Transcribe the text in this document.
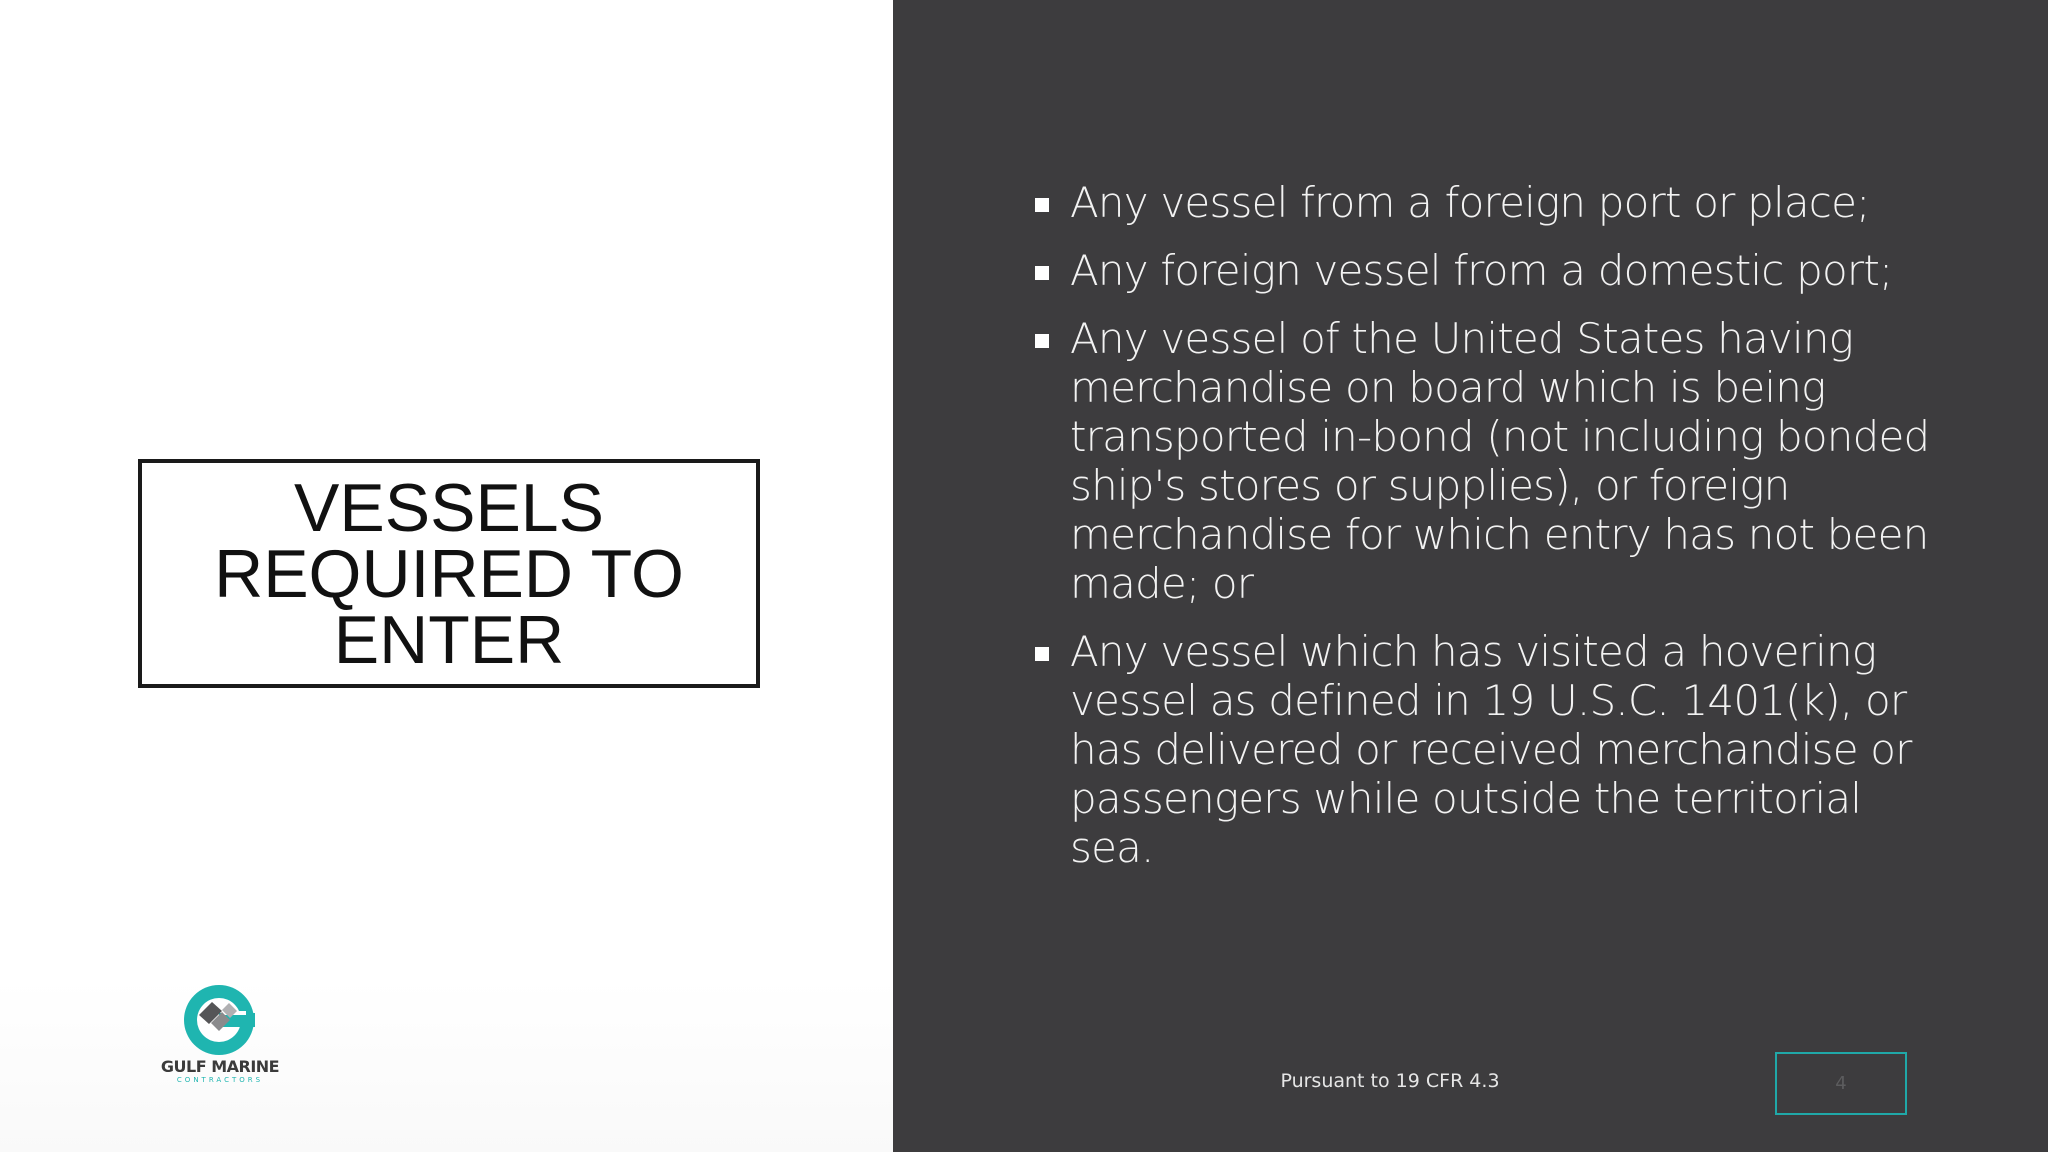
VESSELS REQUIRED TO ENTER
GULF MARINE
CONTRACTORS
Any vessel from a foreign port or place;
Any foreign vessel from a domestic port;
Any vessel of the United States having merchandise on board which is being transported in-bond (not including bonded ship's stores or supplies), or foreign merchandise for which entry has not been made; or
Any vessel which has visited a hovering vessel as defined in 19 U.S.C. 1401(k), or has delivered or received merchandise or passengers while outside the territorial sea.
Pursuant to 19 CFR 4.3	4
